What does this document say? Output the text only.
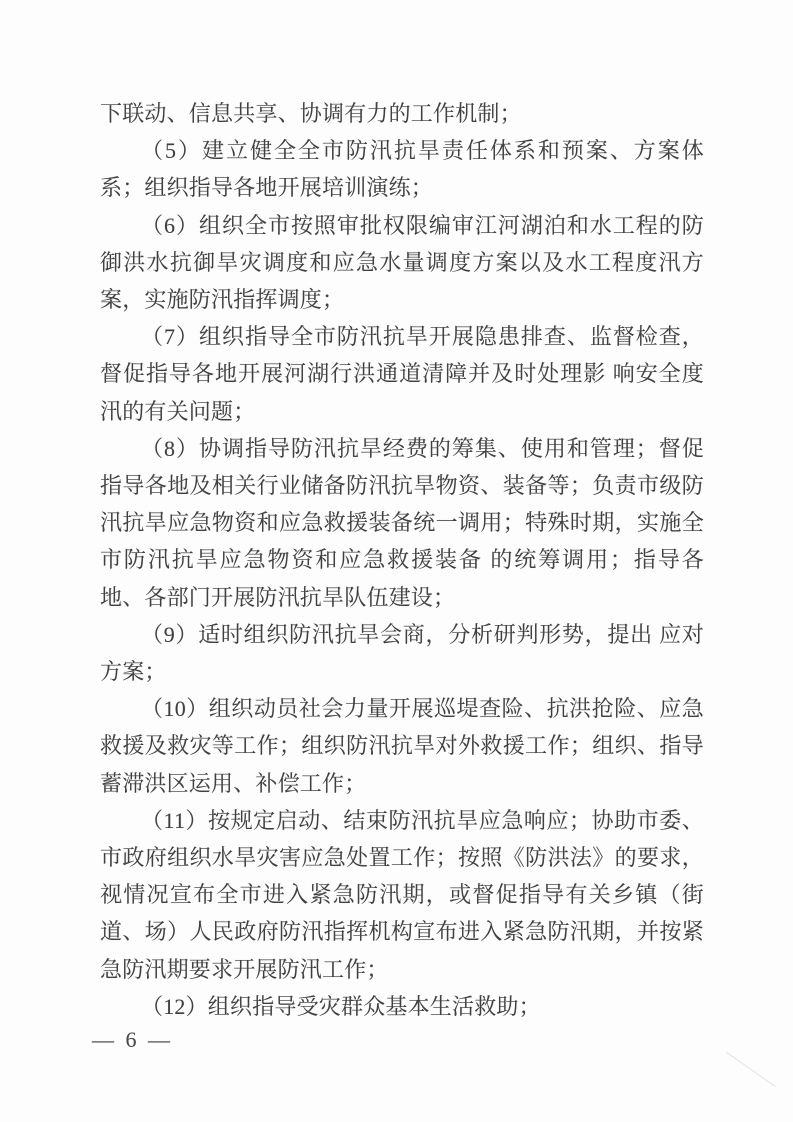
下联动、信息共享、协调有力的工作机制；

（5）建立健全全市防汛抗旱责任体系和预案、方案体系；组织指导各地开展培训演练；

（6）组织全市按照审批权限编审江河湖泊和水工程的防御洪水抗御旱灾调度和应急水量调度方案以及水工程度汛方案，实施防汛指挥调度；

（7）组织指导全市防汛抗旱开展隐患排查、监督检查，督促指导各地开展河湖行洪通道清障并及时处理影 响安全度汛的有关问题；

（8）协调指导防汛抗旱经费的筹集、使用和管理；督促指导各地及相关行业储备防汛抗旱物资、装备等；负责市级防汛抗旱应急物资和应急救援装备统一调用；特殊时期，实施全市防汛抗旱应急物资和应急救援装备 的统筹调用；指导各地、各部门开展防汛抗旱队伍建设；

（9）适时组织防汛抗旱会商，分析研判形势，提出 应对方案；

（10）组织动员社会力量开展巡堤查险、抗洪抢险、应急救援及救灾等工作；组织防汛抗旱对外救援工作；组织、指导蓄滞洪区运用、补偿工作；

（11）按规定启动、结束防汛抗旱应急响应；协助市委、市政府组织水旱灾害应急处置工作；按照《防洪法》的要求，视情况宣布全市进入紧急防汛期，或督促指导有关乡镇（街道、场）人民政府防汛指挥机构宣布进入紧急防汛期，并按紧急防汛期要求开展防汛工作；

（12）组织指导受灾群众基本生活救助；

— 6 —
